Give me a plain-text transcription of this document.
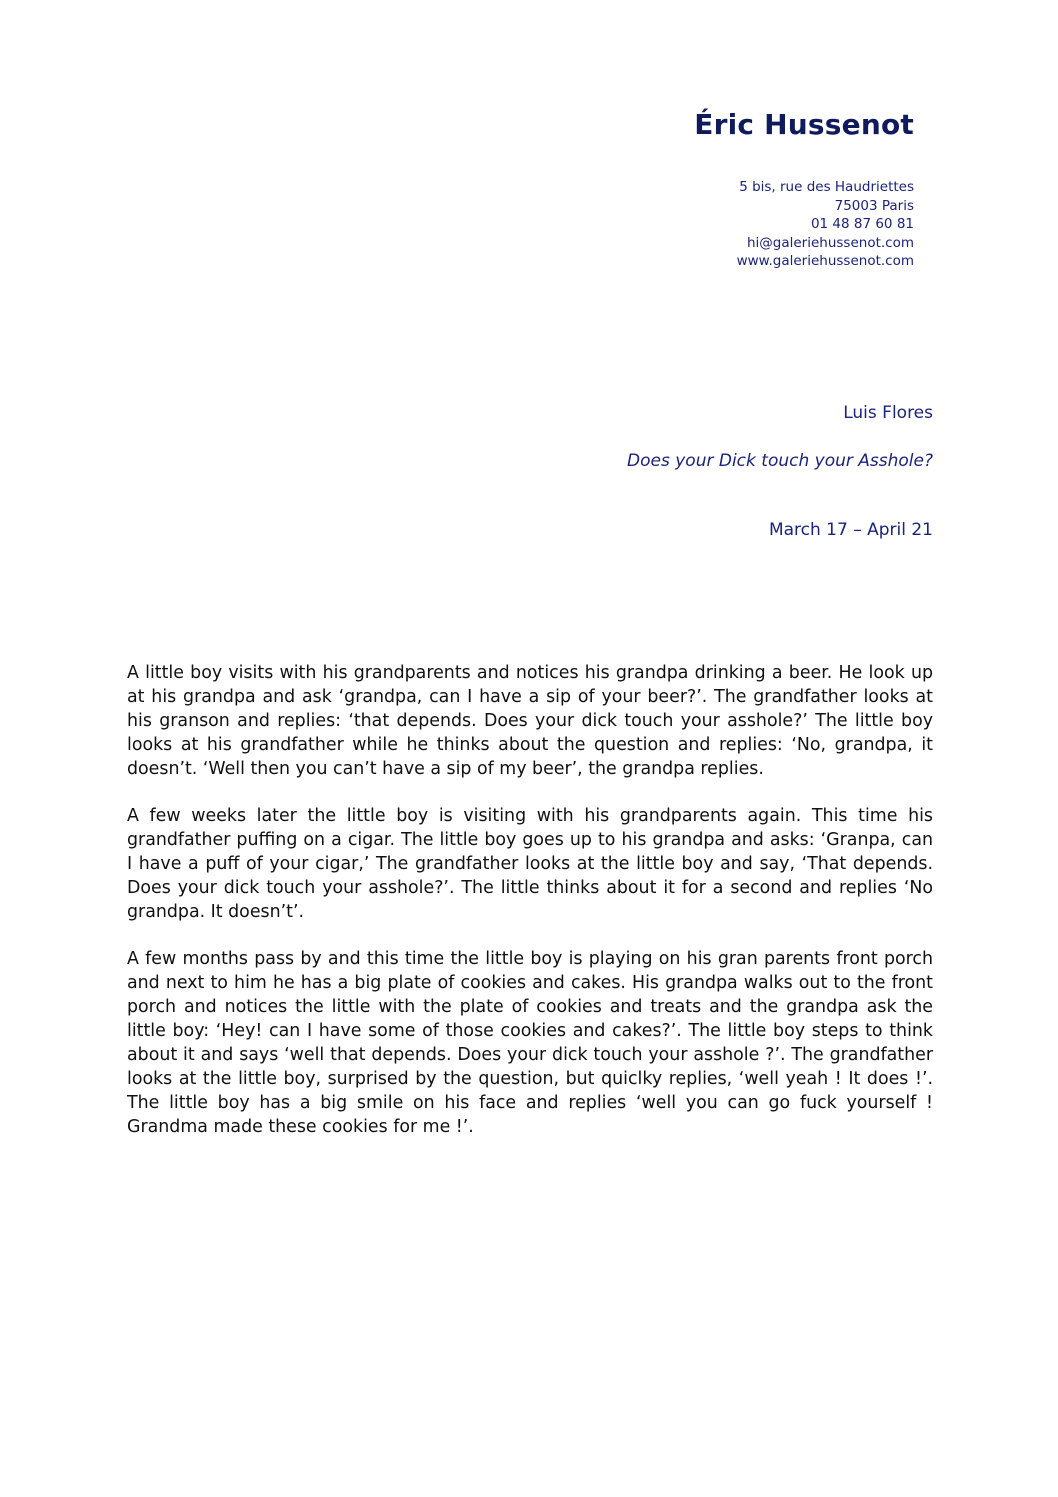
Éric Hussenot
5 bis, rue des Haudriettes
75003 Paris
01 48 87 60 81
hi@galeriehussenot.com
www.galeriehussenot.com
Luis Flores
Does your Dick touch your Asshole?
March 17 – April 21

A little boy visits with his grandparents and notices his grandpa drinking a beer. He look up at his grandpa and ask ‘grandpa, can I have a sip of your beer?’. The grandfather looks at his granson and replies: ‘that depends. Does your dick touch your asshole?’ The little boy looks at his grandfather while he thinks about the question and replies: ‘No, grandpa, it doesn’t. ‘Well then you can’t have a sip of my beer’, the grandpa replies.

A few weeks later the little boy is visiting with his grandparents again. This time his grandfather puffing on a cigar. The little boy goes up to his grandpa and asks: ‘Granpa, can I have a puff of your cigar,’ The grandfather looks at the little boy and say, ‘That depends. Does your dick touch your asshole?’. The little thinks about it for a second and replies ‘No grandpa. It doesn’t’.

A few months pass by and this time the little boy is playing on his gran parents front porch and next to him he has a big plate of cookies and cakes. His grandpa walks out to the front porch and notices the little with the plate of cookies and treats and the grandpa ask the little boy: ‘Hey! can I have some of those cookies and cakes?’. The little boy steps to think about it and says ‘well that depends. Does your dick touch your asshole ?’. The grandfather looks at the little boy, surprised by the question, but quiclky replies, ‘well yeah ! It does !’. The little boy has a big smile on his face and replies ‘well you can go fuck yourself ! Grandma made these cookies for me !’.
